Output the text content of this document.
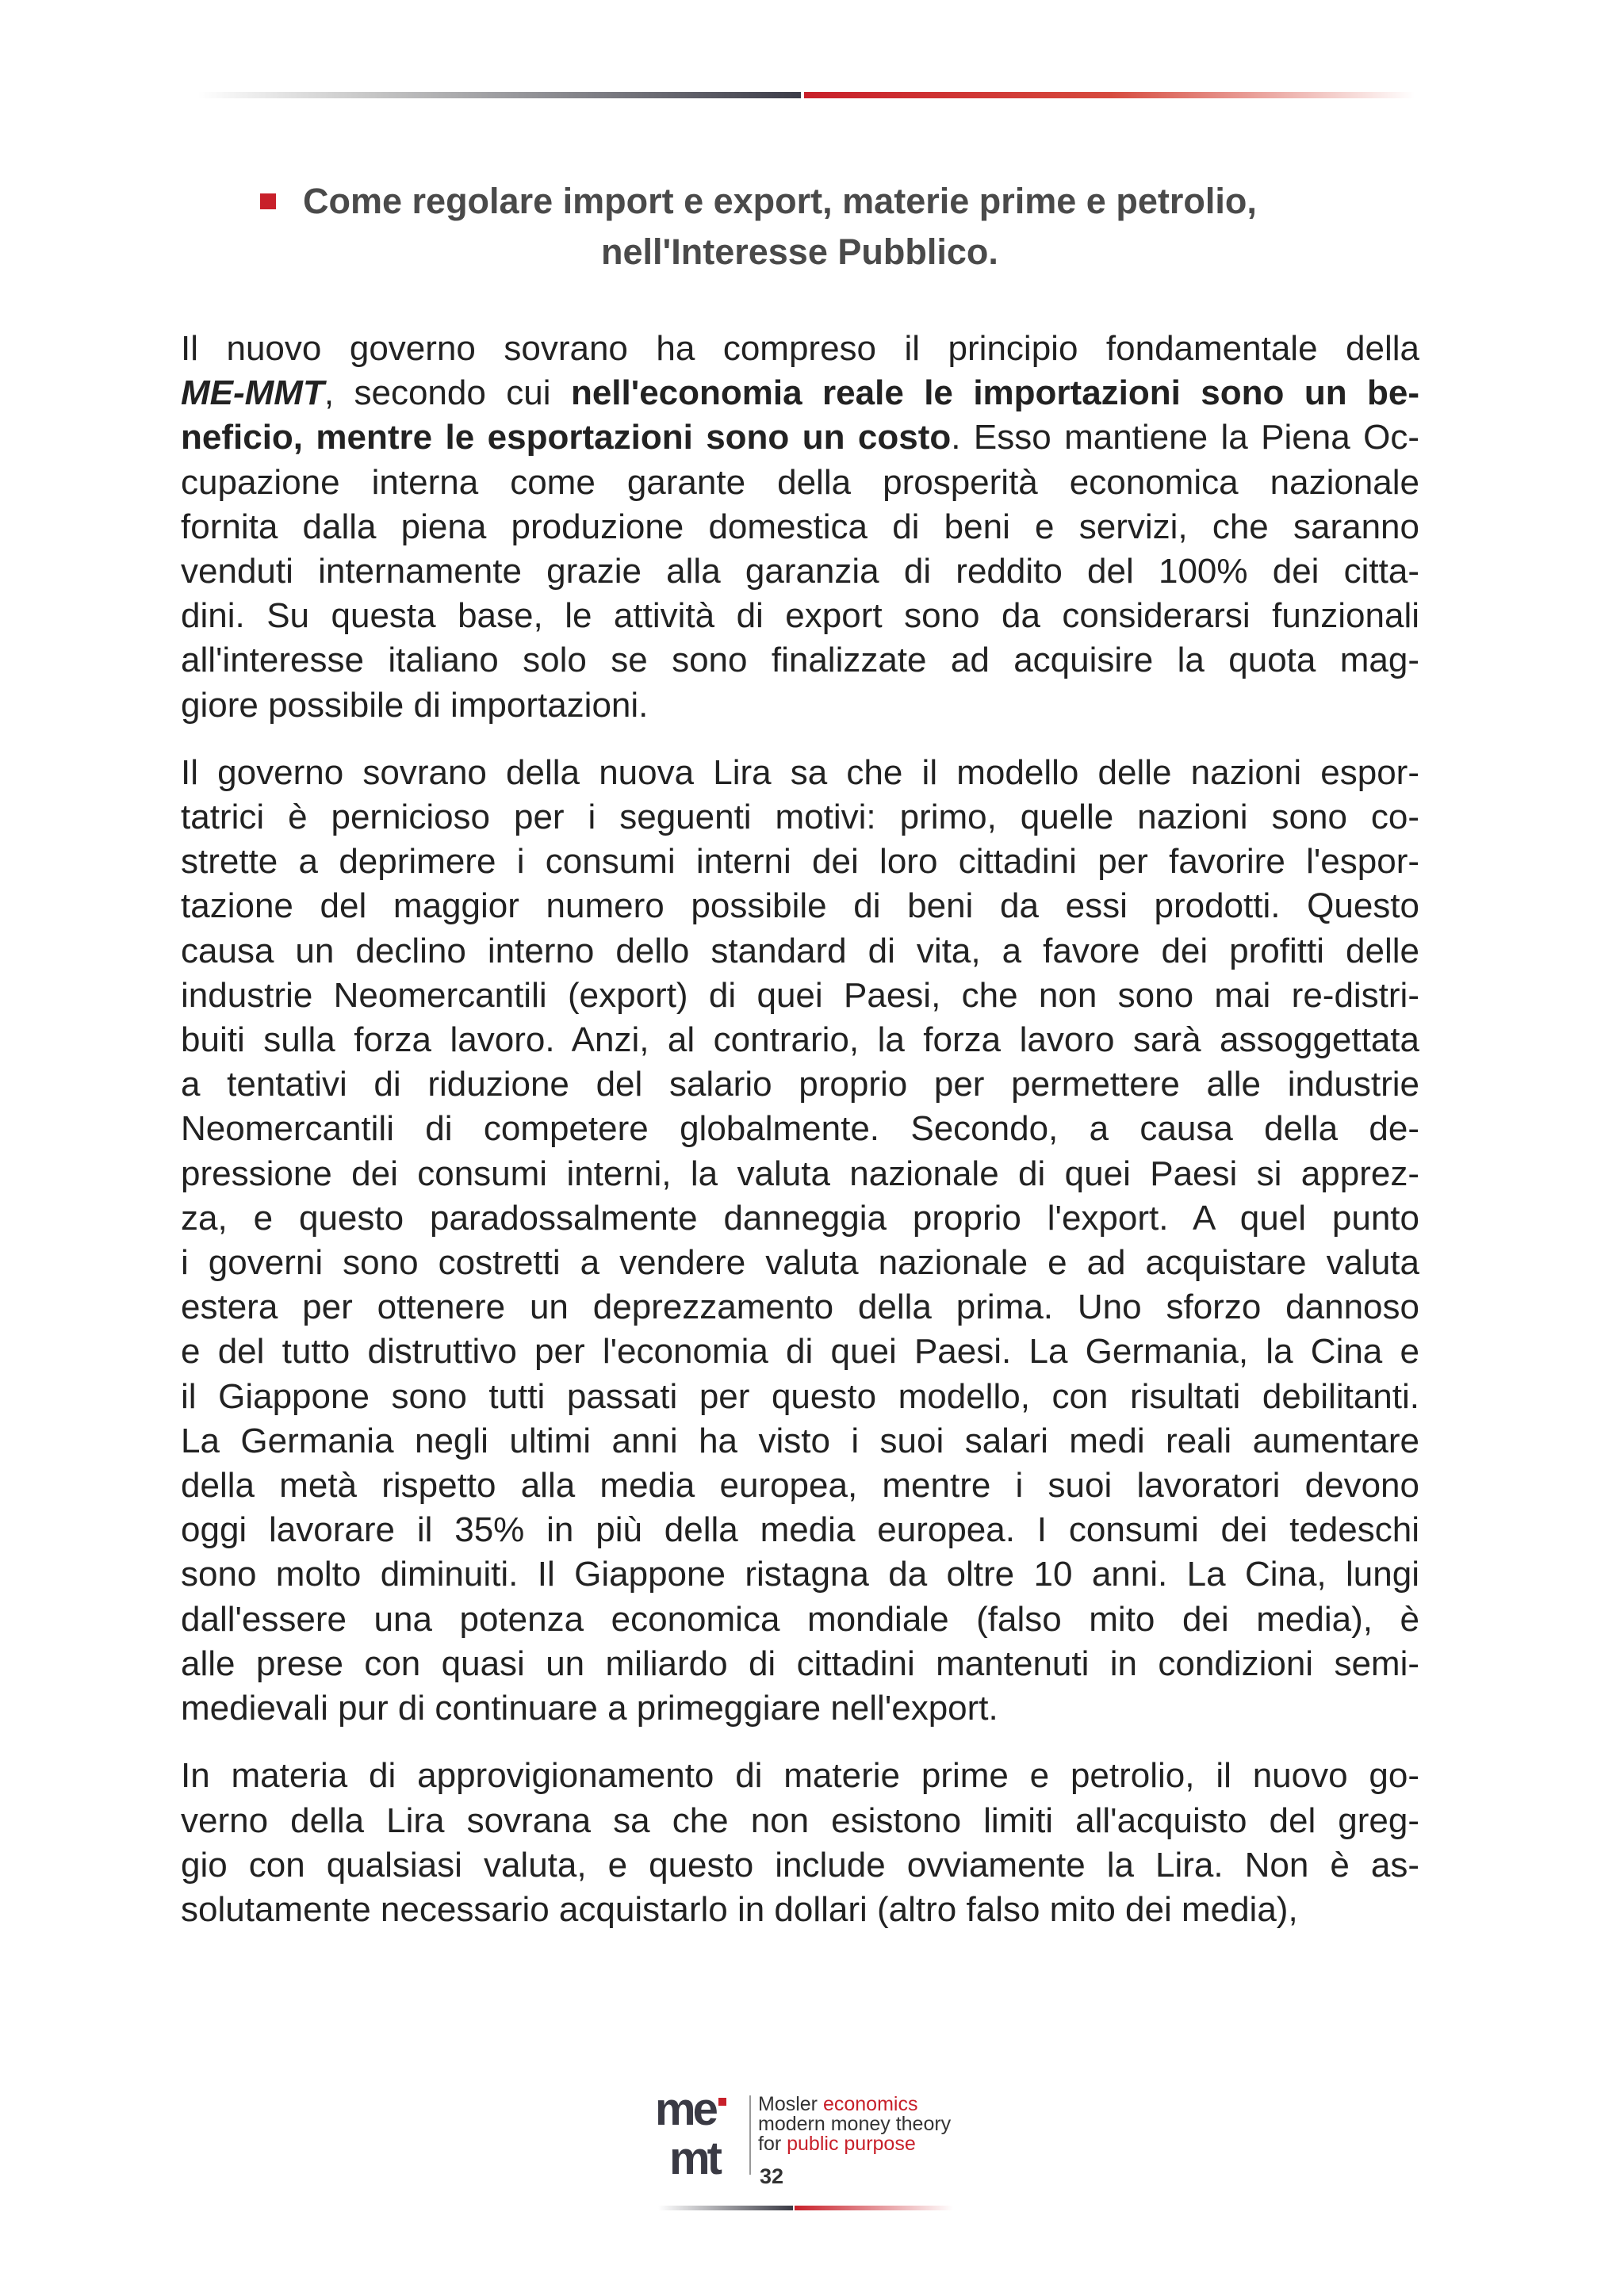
Come regolare import e export, materie prime e petrolio,
nell'Interesse Pubblico.

Il nuovo governo sovrano ha compreso il principio fondamentale della
ME-MMT, secondo cui nell'economia reale le importazioni sono un be-
neficio, mentre le esportazioni sono un costo. Esso mantiene la Piena Oc-
cupazione interna come garante della prosperità economica nazionale
fornita dalla piena produzione domestica di beni e servizi, che saranno
venduti internamente grazie alla garanzia di reddito del 100% dei citta-
dini. Su questa base, le attività di export sono da considerarsi funzionali
all'interesse italiano solo se sono finalizzate ad acquisire la quota mag-
giore possibile di importazioni.

Il governo sovrano della nuova Lira sa che il modello delle nazioni espor-
tatrici è pernicioso per i seguenti motivi: primo, quelle nazioni sono co-
strette a deprimere i consumi interni dei loro cittadini per favorire l'espor-
tazione del maggior numero possibile di beni da essi prodotti. Questo
causa un declino interno dello standard di vita, a favore dei profitti delle
industrie Neomercantili (export) di quei Paesi, che non sono mai re-distri-
buiti sulla forza lavoro. Anzi, al contrario, la forza lavoro sarà assoggettata
a tentativi di riduzione del salario proprio per permettere alle industrie
Neomercantili di competere globalmente. Secondo, a causa della de-
pressione dei consumi interni, la valuta nazionale di quei Paesi si apprez-
za, e questo paradossalmente danneggia proprio l'export. A quel punto
i governi sono costretti a vendere valuta nazionale e ad acquistare valuta
estera per ottenere un deprezzamento della prima. Uno sforzo dannoso
e del tutto distruttivo per l'economia di quei Paesi. La Germania, la Cina e
il Giappone sono tutti passati per questo modello, con risultati debilitanti.
La Germania negli ultimi anni ha visto i suoi salari medi reali aumentare
della metà rispetto alla media europea, mentre i suoi lavoratori devono
oggi lavorare il 35% in più della media europea. I consumi dei tedeschi
sono molto diminuiti. Il Giappone ristagna da oltre 10 anni. La Cina, lungi
dall'essere una potenza economica mondiale (falso mito dei media), è
alle prese con quasi un miliardo di cittadini mantenuti in condizioni semi-
medievali pur di continuare a primeggiare nell'export.

In materia di approvigionamento di materie prime e petrolio, il nuovo go-
verno della Lira sovrana sa che non esistono limiti all'acquisto del greg-
gio con qualsiasi valuta, e questo include ovviamente la Lira. Non è as-
solutamente necessario acquistarlo in dollari (altro falso mito dei media),

me
mt
Mosler economics
modern money theory
for public purpose
32
